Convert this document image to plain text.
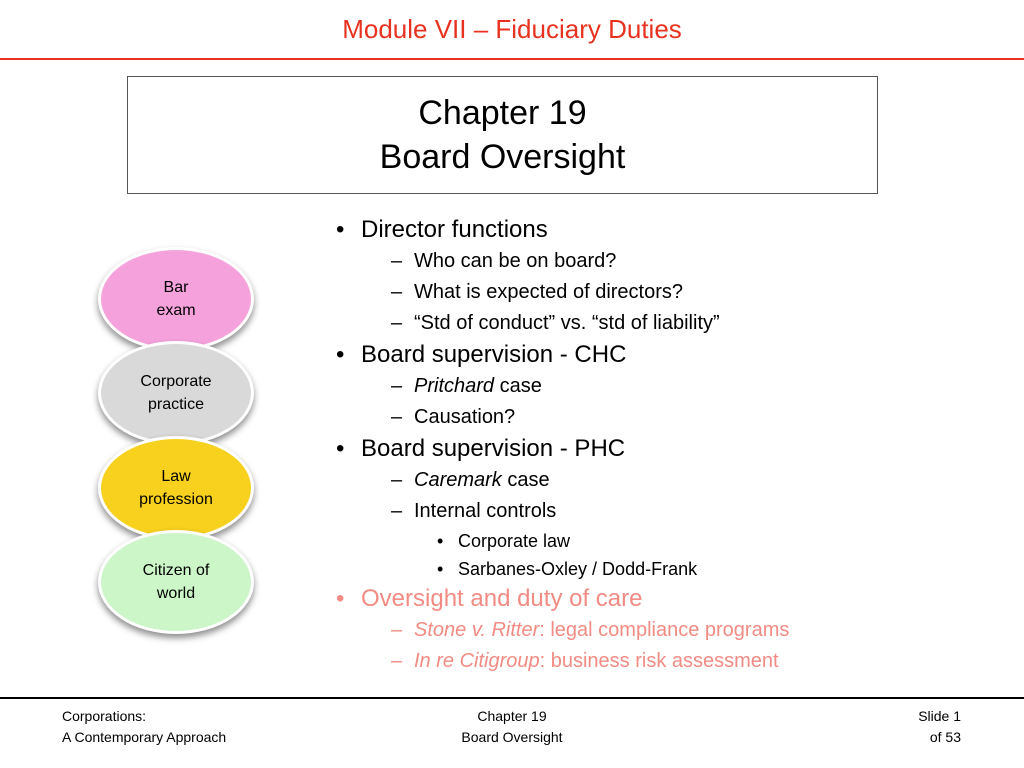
Module VII – Fiduciary Duties
Chapter 19
Board Oversight
Bar
exam
Corporate
practice
Law
profession
Citizen of
world
• Director functions
– Who can be on board?
– What is expected of directors?
– “Std of conduct” vs. “std of liability”
• Board supervision - CHC
– Pritchard case
– Causation?
• Board supervision - PHC
– Caremark case
– Internal controls
• Corporate law
• Sarbanes-Oxley / Dodd-Frank
• Oversight and duty of care
– Stone v. Ritter: legal compliance programs
– In re Citigroup: business risk assessment
Corporations:
A Contemporary Approach
Chapter 19
Board Oversight
Slide 1
of 53
